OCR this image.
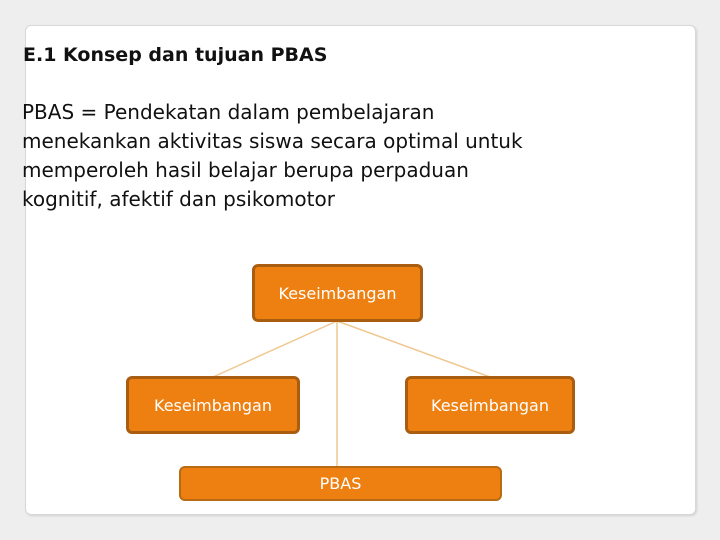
E.1 Konsep dan tujuan PBAS
PBAS = Pendekatan dalam pembelajaran
menekankan aktivitas siswa secara optimal untuk
memperoleh hasil belajar berupa perpaduan
kognitif, afektif dan psikomotor
Keseimbangan
Keseimbangan	Keseimbangan
PBAS
